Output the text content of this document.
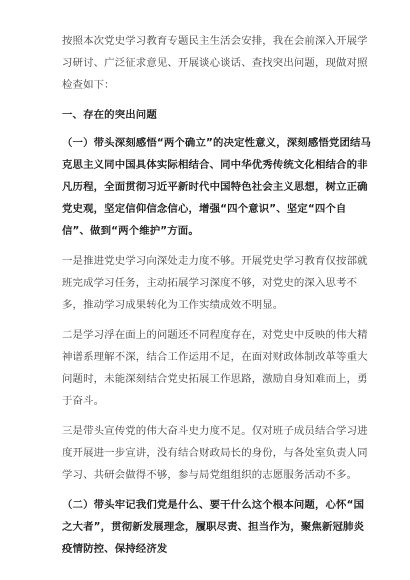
按照本次党史学习教育专题民主生活会安排，我在会前深入开展学习研讨、广泛征求意见、开展谈心谈话、查找突出问题，现做对照检查如下：

一、存在的突出问题

（一）带头深刻感悟“两个确立”的决定性意义，深刻感悟党团结马克思主义同中国具体实际相结合、同中华优秀传统文化相结合的非凡历程，全面贯彻习近平新时代中国特色社会主义思想，树立正确党史观，坚定信仰信念信心，增强“四个意识”、坚定“四个自信”、做到“两个维护”方面。

一是推进党史学习向深处走力度不够。开展党史学习教育仅按部就班完成学习任务，主动拓展学习深度不够，对党史的深入思考不多，推动学习成果转化为工作实绩成效不明显。

二是学习浮在面上的问题还不同程度存在，对党史中反映的伟大精神谱系理解不深，结合工作运用不足，在面对财政体制改革等重大问题时，未能深刻结合党史拓展工作思路，激励自身知难而上，勇于奋斗。

三是带头宣传党的伟大奋斗史力度不足。仅对班子成员结合学习进度开展进一步宣讲，没有结合财政局长的身份，与各处室负责人同学习、共研会做得不够，参与局党组组织的志愿服务活动不多。

（二）带头牢记我们党是什么、要干什么这个根本问题，心怀“国之大者”，贯彻新发展理念，履职尽责、担当作为，聚焦新冠肺炎疫情防控、保持经济发
